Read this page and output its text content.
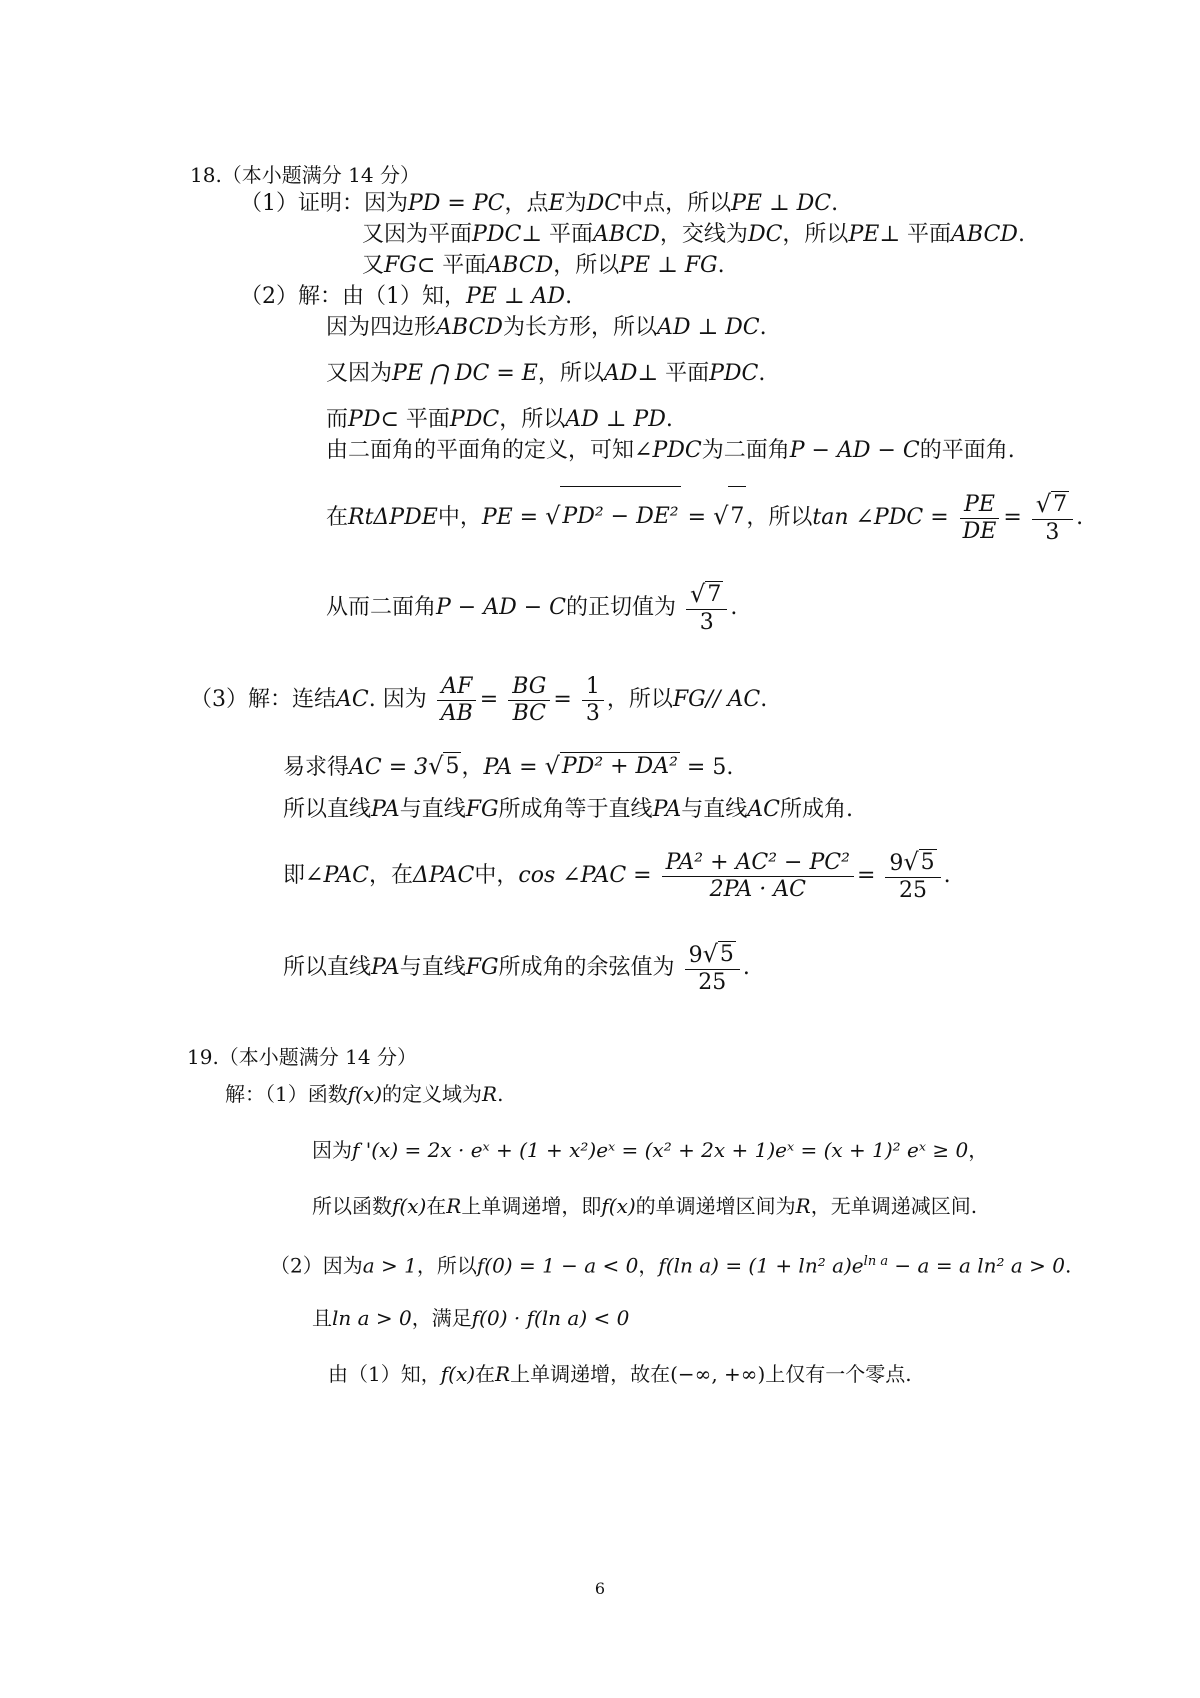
18.（本小题满分 14 分）
（1）证明：因为PD = PC，点E为DC中点，所以PE ⊥ DC.
又因为平面PDC⊥ 平面ABCD，交线为DC，所以PE⊥ 平面ABCD.
又FG⊂ 平面ABCD，所以PE ⊥ FG.
（2）解：由（1）知，PE ⊥ AD.
因为四边形ABCD为长方形，所以AD ⊥ DC.
又因为PE ⋂ DC = E，所以AD⊥ 平面PDC.
而PD⊂ 平面PDC，所以AD ⊥ PD.
由二面角的平面角的定义，可知∠PDC为二面角P − AD − C的平面角.
在RtΔPDE中，PE = √ PD² − DE² = √ 7 ，所以tan ∠PDC = $\frac{PE}{DE} = \frac{√ 7}{3}$ .
从而二面角P − AD − C的正切值为 $\frac{√ 7}{3}$ .
（3）解：连结AC. 因为 $\frac{AF}{AB} = \frac{BG}{BC} = \frac{1}{3}$ ，所以FG// AC.
易求得AC = 3 √ 5 ，PA = √ PD² + DA² = 5.
所以直线PA与直线FG所成角等于直线PA与直线AC所成角.
即∠PAC，在ΔPAC中，cos ∠PAC = $\frac{\text{PA² + AC² − PC²}}{2PA \cdot AC} = \frac{9 √ 5}{25}$ .
所以直线PA与直线FG所成角的余弦值为 $\frac{9 √ 5}{25}$ .
19.（本小题满分 14 分）
解：（1）函数f(x)的定义域为R.
因为f '(x) = 2x · eˣ + (1 + x²)eˣ = (x² + 2x + 1)eˣ = (x + 1)² eˣ ≥ 0，
所以函数f(x)在R上单调递增，即f(x)的单调递增区间为R，无单调递减区间.
（2）因为a > 1，所以f(0) = 1 − a < 0，f(ln a) = (1 + ln² $a)e^{ln a} - a = a$ ln² a > 0.
且ln a > 0，满足f(0) · f(ln a) < 0
由（1）知，f(x)在R上单调递增，故在(−∞, +∞)上仅有一个零点.
6
